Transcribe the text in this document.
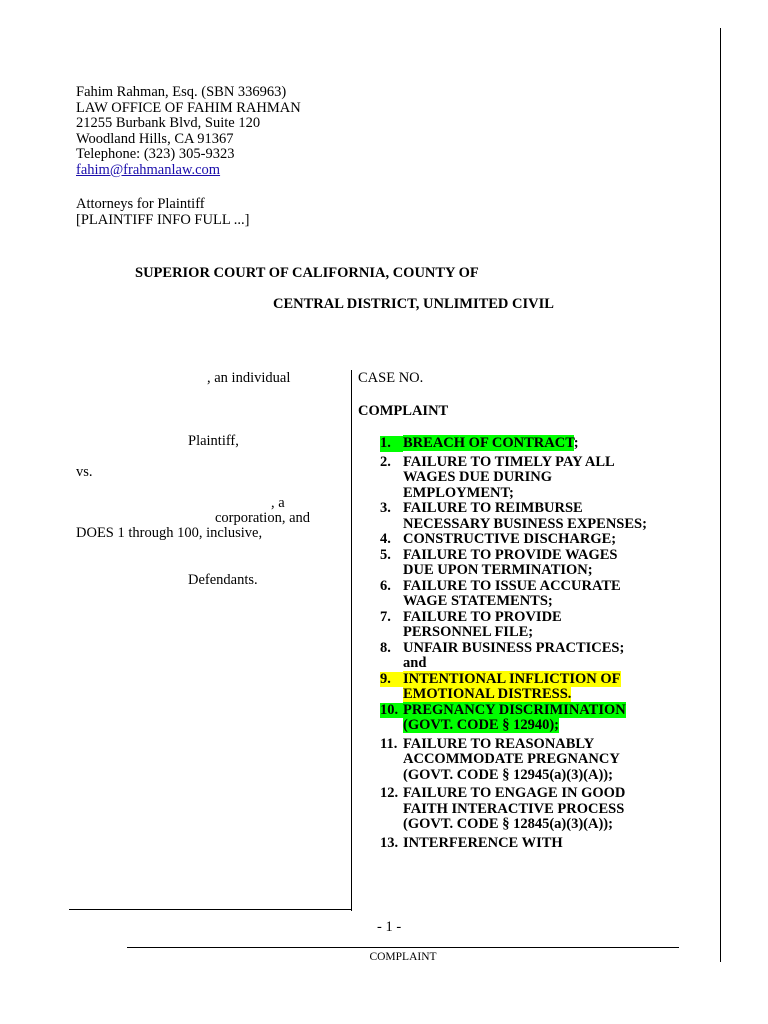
Fahim Rahman, Esq. (SBN 336963)
LAW OFFICE OF FAHIM RAHMAN
21255 Burbank Blvd, Suite 120
Woodland Hills, CA 91367
Telephone: (323) 305-9323
fahim@frahmanlaw.com
Attorneys for Plaintiff
[PLAINTIFF INFO FULL ...]
SUPERIOR COURT OF CALIFORNIA, COUNTY OF
CENTRAL DISTRICT, UNLIMITED CIVIL
, an individual
Plaintiff,
vs.
, a
corporation, and
DOES 1 through 100, inclusive,
Defendants.
CASE NO.
COMPLAINT
1. BREACH OF CONTRACT;
2. FAILURE TO TIMELY PAY ALL
WAGES DUE DURING
EMPLOYMENT;
3. FAILURE TO REIMBURSE
NECESSARY BUSINESS EXPENSES;
4. CONSTRUCTIVE DISCHARGE;
5. FAILURE TO PROVIDE WAGES
DUE UPON TERMINATION;
6. FAILURE TO ISSUE ACCURATE
WAGE STATEMENTS;
7. FAILURE TO PROVIDE
PERSONNEL FILE;
8. UNFAIR BUSINESS PRACTICES;
and
9. INTENTIONAL INFLICTION OF
EMOTIONAL DISTRESS.
10. PREGNANCY DISCRIMINATION
(GOVT. CODE § 12940);
11. FAILURE TO REASONABLY
ACCOMMODATE PREGNANCY
(GOVT. CODE § 12945(a)(3)(A));
12. FAILURE TO ENGAGE IN GOOD
FAITH INTERACTIVE PROCESS
(GOVT. CODE § 12845(a)(3)(A));
13. INTERFERENCE WITH
- 1 -
COMPLAINT
